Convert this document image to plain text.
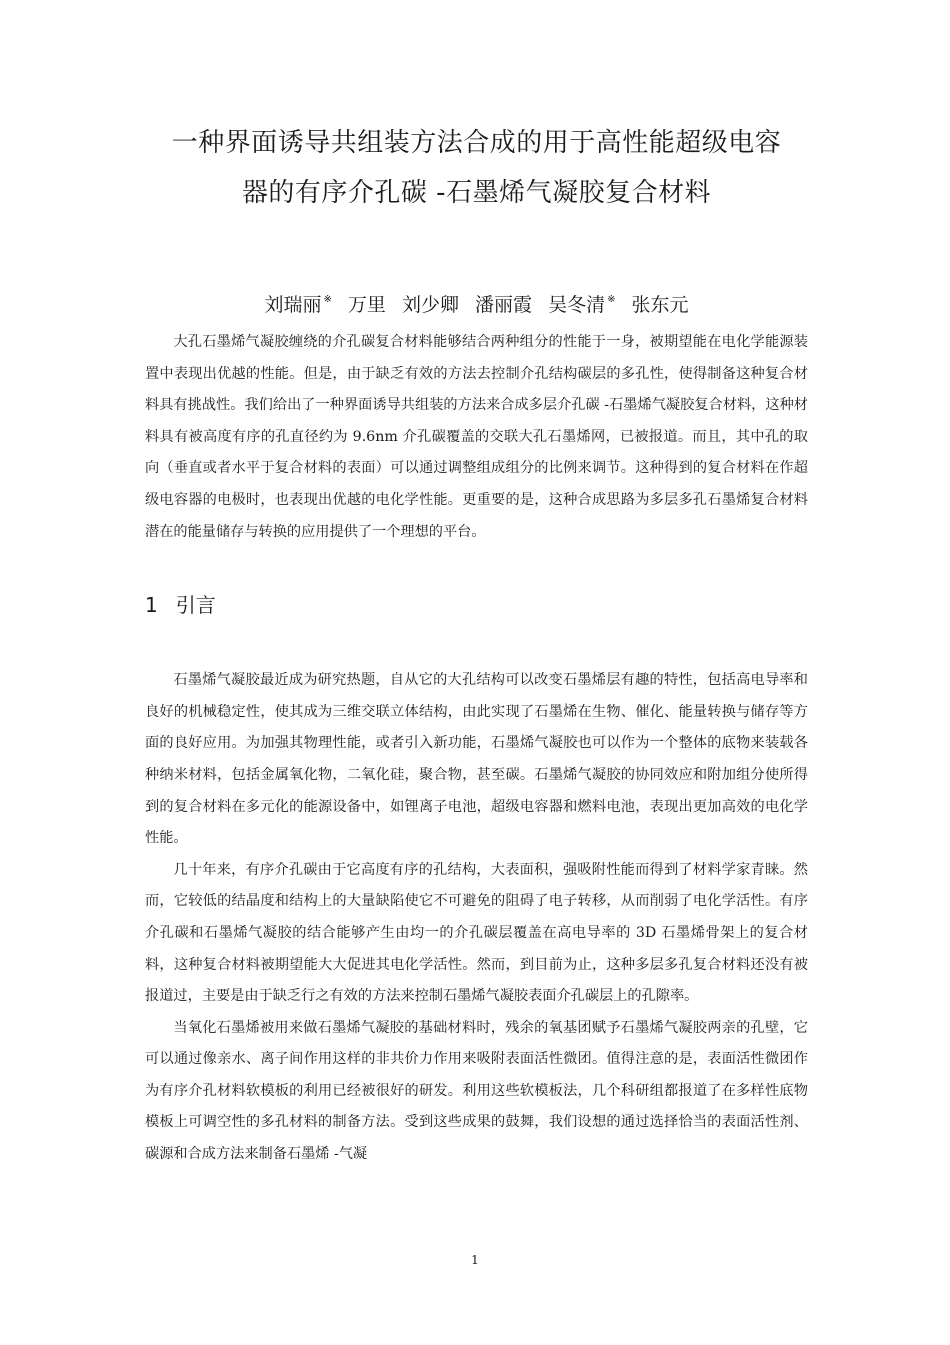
一种界面诱导共组装方法合成的用于高性能超级电容
器的有序介孔碳 -石墨烯气凝胶复合材料
刘瑞丽 ※ 万里 刘少卿 潘丽霞 吴冬清 ※ 张东元

大孔石墨烯气凝胶缠绕的介孔碳复合材料能够结合两种组分的性能于一身，被期望能在电化学能源装置中表现出优越的性能。但是，由于缺乏有效的方法去控制介孔结构碳层的多孔性，使得制备这种复合材料具有挑战性。我们给出了一种界面诱导共组装的方法来合成多层介孔碳 -石墨烯气凝胶复合材料，这种材料具有被高度有序的孔直径约为 9.6nm 介孔碳覆盖的交联大孔石墨烯网，已被报道。而且，其中孔的取向（垂直或者水平于复合材料的表面）可以通过调整组成组分的比例来调节。这种得到的复合材料在作超级电容器的电极时，也表现出优越的电化学性能。更重要的是，这种合成思路为多层多孔石墨烯复合材料潜在的能量储存与转换的应用提供了一个理想的平台。

1 引言

石墨烯气凝胶最近成为研究热题，自从它的大孔结构可以改变石墨烯层有趣的特性，包括高电导率和良好的机械稳定性，使其成为三维交联立体结构，由此实现了石墨烯在生物、催化、能量转换与储存等方面的良好应用。为加强其物理性能，或者引入新功能，石墨烯气凝胶也可以作为一个整体的底物来装载各种纳米材料，包括金属氧化物，二氧化硅，聚合物，甚至碳。石墨烯气凝胶的协同效应和附加组分使所得到的复合材料在多元化的能源设备中，如锂离子电池，超级电容器和燃料电池，表现出更加高效的电化学性能。

几十年来，有序介孔碳由于它高度有序的孔结构，大表面积，强吸附性能而得到了材料学家青睐。然而，它较低的结晶度和结构上的大量缺陷使它不可避免的阻碍了电子转移，从而削弱了电化学活性。有序介孔碳和石墨烯气凝胶的结合能够产生由均一的介孔碳层覆盖在高电导率的 3D 石墨烯骨架上的复合材料，这种复合材料被期望能大大促进其电化学活性。然而，到目前为止，这种多层多孔复合材料还没有被报道过，主要是由于缺乏行之有效的方法来控制石墨烯气凝胶表面介孔碳层上的孔隙率。

当氧化石墨烯被用来做石墨烯气凝胶的基础材料时，残余的氧基团赋予石墨烯气凝胶两亲的孔壁，它可以通过像亲水、离子间作用这样的非共价力作用来吸附表面活性微团。值得注意的是，表面活性微团作为有序介孔材料软模板的利用已经被很好的研发。利用这些软模板法，几个科研组都报道了在多样性底物模板上可调空性的多孔材料的制备方法。受到这些成果的鼓舞，我们设想的通过选择恰当的表面活性剂、碳源和合成方法来制备石墨烯 -气凝

1
